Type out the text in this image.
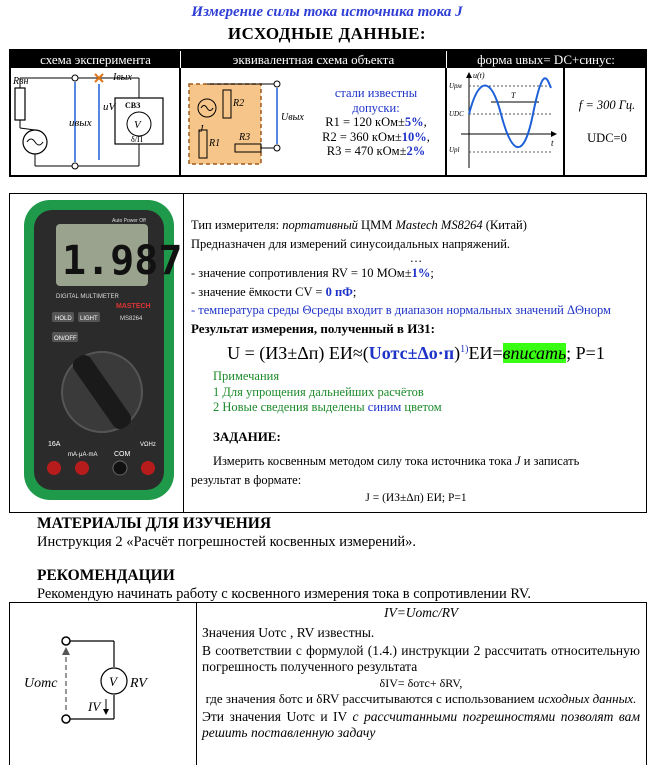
Измерение силы тока источника тока J
ИСХОДНЫЕ ДАННЫЕ:
схема эксперимента	эквивалентная схема объекта	форма uвых= DC+синус:
Rвн
uвых
Iвых
uV СВЗ
V
δ/Π
J
R2
R1
R3
Uвых
стали известны
допуски:
R1 = 120 кОм±5%,
R2 = 360 кОм±10%,
R3 = 470 кОм±2%
u(t)
Uрм
UDC
Uрl
t
T
f = 300 Гц.
UDC=0
1.987
Auto Power Off
DIGITAL MULTIMETER
MASTECH
MS8264
HOLD LIGHT
ON/OFF
16A
mA·μA·mA COM
VΩHz
Тип измерителя: портативный ЦММ Mastech MS8264 (Китай)
Предназначен для измерений синусоидальных напряжений.
…
- значение сопротивления RV = 10 МОм±1%;
- значение ёмкости CV = 0 пФ;
- температура среды Θсреды входит в диапазон нормальных значений ΔΘнорм
Результат измерения, полученный в ИЗ1:
U = (ИЗ±Δп) ЕИ≈(Uотс±Δо·п)$^{1)}$ЕИ=вписать; P=1
Примечания
1 Для упрощения дальнейших расчётов
2 Новые сведения выделены синим цветом
ЗАДАНИЕ:
Измерить косвенным методом силу тока источника тока J и записать
результат в формате:
J = (ИЗ±Δп) ЕИ; P=1
МАТЕРИАЛЫ ДЛЯ ИЗУЧЕНИЯ
Инструкция 2 «Расчёт погрешностей косвенных измерений».
РЕКОМЕНДАЦИИ
Рекомендую начинать работу с косвенного измерения тока в сопротивлении RV.
V RV
Uотс
IV
IV=Uотс/RV
Значения Uотс , RV известны.
В соответствии с формулой (1.4.) инструкции 2 рассчитать относительную погрешность полученного результата
δIV= δотс+ δRV,
где значения δотс и δRV рассчитываются с использованием исходных данных.
Эти значения Uотс и IV с рассчитанными погрешностями позволят вам решить поставленную задачу
